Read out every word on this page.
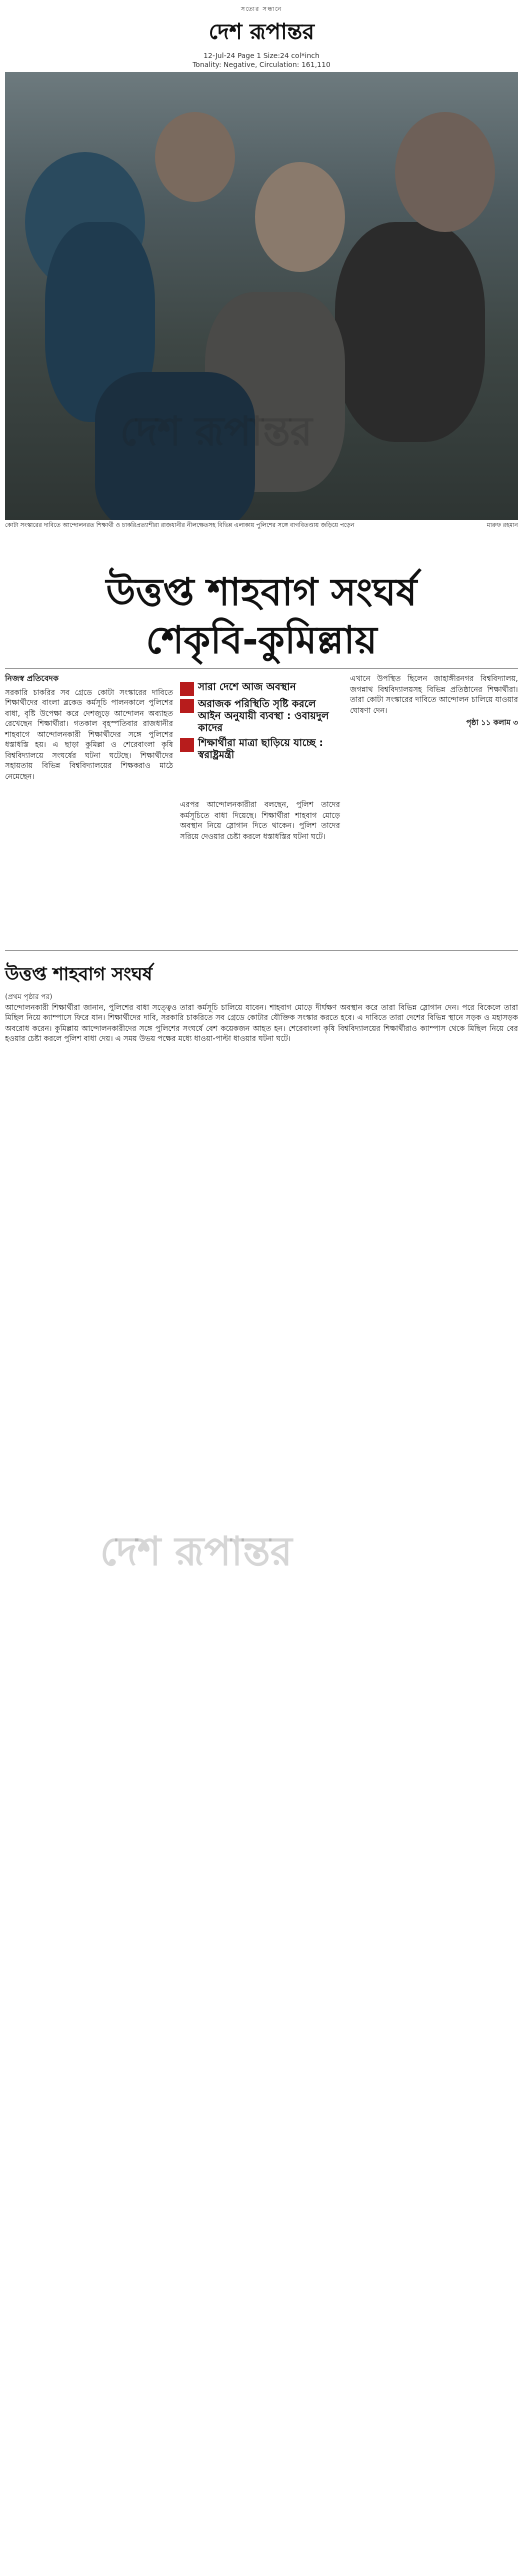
সত্যের সন্ধানে
দেশ রূপান্তর
12-Jul-24 Page 1 Size:24 col*inch
Tonality: Negative, Circulation: 161,110
কোটা সংস্কারের দাবিতে আন্দোলনরত শিক্ষার্থী ও চাকরিপ্রত্যাশীরা রাজধানীর নীলক্ষেতসহ বিভিন্ন এলাকায় পুলিশের সঙ্গে বাগবিতণ্ডায় জড়িয়ে পড়েন	মারুফ রহমান
উত্তপ্ত শাহবাগ সংঘর্ষ
শেকৃবি-কুমিল্লায়
নিজস্ব প্রতিবেদক

সরকারি চাকরির সব গ্রেডে কোটা সংস্কারের দাবিতে শিক্ষার্থীদের বাংলা ব্লকেড কর্মসূচি পালনকালে পুলিশের বাধা, বৃষ্টি উপেক্ষা করে দেশজুড়ে আন্দোলন অব্যাহত রেখেছেন শিক্ষার্থীরা। গতকাল বৃহস্পতিবার রাজধানীর শাহবাগে আন্দোলনকারী শিক্ষার্থীদের সঙ্গে পুলিশের ধস্তাধস্তি হয়। এ ছাড়া কুমিল্লা ও শেরেবাংলা কৃষি বিশ্ববিদ্যালয়ে সংঘর্ষের ঘটনা ঘটেছে। শিক্ষার্থীদের সহায়তায় বিভিন্ন বিশ্ববিদ্যালয়ের শিক্ষকরাও মাঠে নেমেছেন।

সারা দেশে আজ অবস্থান
অরাজক পরিস্থিতি সৃষ্টি করলে আইন অনুযায়ী ব্যবস্থা : ওবায়দুল কাদের
শিক্ষার্থীরা মাত্রা ছাড়িয়ে যাচ্ছে : স্বরাষ্ট্রমন্ত্রী

এরপর আন্দোলনকারীরা বলছেন, পুলিশ তাদের কর্মসূচিতে বাধা দিয়েছে। শিক্ষার্থীরা শাহবাগ মোড়ে অবস্থান নিয়ে স্লোগান দিতে থাকেন। পুলিশ তাদের সরিয়ে দেওয়ার চেষ্টা করলে ধস্তাধস্তির ঘটনা ঘটে।

এখানে উপস্থিত ছিলেন জাহাঙ্গীরনগর বিশ্ববিদ্যালয়, জগন্নাথ বিশ্ববিদ্যালয়সহ বিভিন্ন প্রতিষ্ঠানের শিক্ষার্থীরা। তারা কোটা সংস্কারের দাবিতে আন্দোলন চালিয়ে যাওয়ার ঘোষণা দেন।

পৃষ্ঠা ১১ কলাম ৩

উত্তপ্ত শাহবাগ সংঘর্ষ
(প্রথম পৃষ্ঠার পর)

আন্দোলনকারী শিক্ষার্থীরা জানান, পুলিশের বাধা সত্ত্বেও তারা কর্মসূচি চালিয়ে যাবেন। শাহবাগ মোড়ে দীর্ঘক্ষণ অবস্থান করে তারা বিভিন্ন স্লোগান দেন। পরে বিকেলে তারা মিছিল নিয়ে ক্যাম্পাসে ফিরে যান। শিক্ষার্থীদের দাবি, সরকারি চাকরিতে সব গ্রেডে কোটার যৌক্তিক সংস্কার করতে হবে। এ দাবিতে তারা দেশের বিভিন্ন স্থানে সড়ক ও মহাসড়ক অবরোধ করেন। কুমিল্লায় আন্দোলনকারীদের সঙ্গে পুলিশের সংঘর্ষে বেশ কয়েকজন আহত হন। শেরেবাংলা কৃষি বিশ্ববিদ্যালয়ের শিক্ষার্থীরাও ক্যাম্পাস থেকে মিছিল নিয়ে বের হওয়ার চেষ্টা করলে পুলিশ বাধা দেয়। এ সময় উভয় পক্ষের মধ্যে ধাওয়া-পাল্টা ধাওয়ার ঘটনা ঘটে।

দেশ রূপান্তর
